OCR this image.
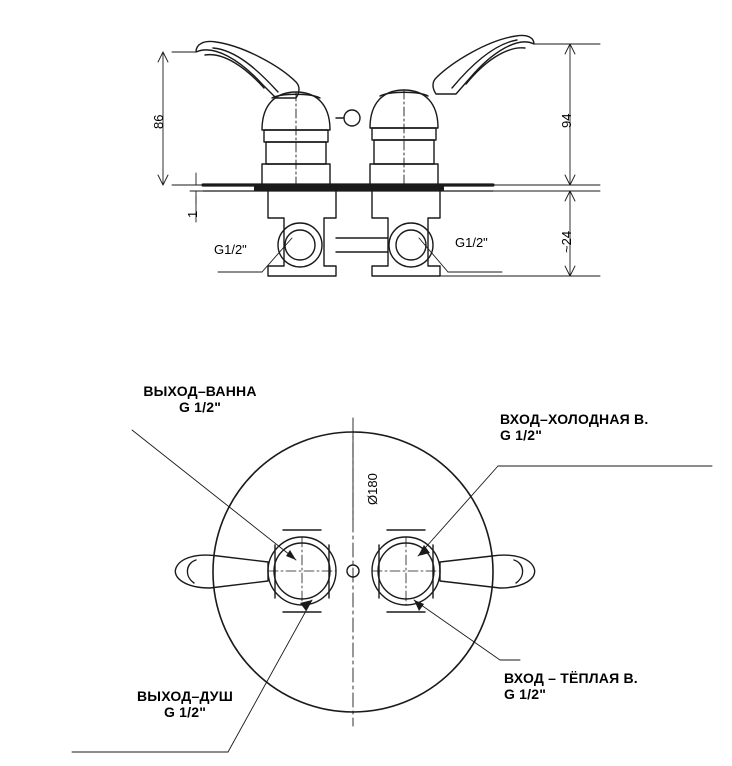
86	94
1
~24
G1/2"	G1/2"
Ø180
ВЫХОД–ВАННА
G 1/2"
ВХОД–ХОЛОДНАЯ В.
G 1/2"
ВЫХОД–ДУШ
G 1/2"
ВХОД – ТЁПЛАЯ В.
G 1/2"
